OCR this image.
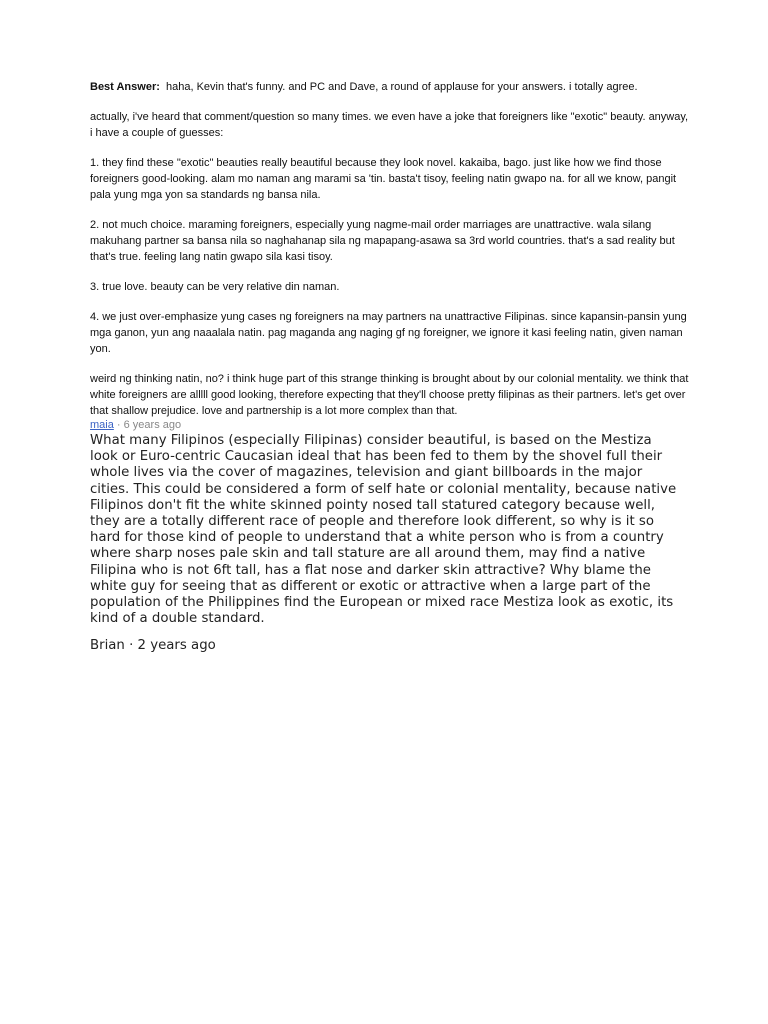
Best Answer: haha, Kevin that's funny. and PC and Dave, a round of applause for your answers. i totally agree.

actually, i've heard that comment/question so many times. we even have a joke that foreigners like "exotic" beauty. anyway, i have a couple of guesses:

1. they find these "exotic" beauties really beautiful because they look novel. kakaiba, bago. just like how we find those foreigners good-looking. alam mo naman ang marami sa 'tin. basta't tisoy, feeling natin gwapo na. for all we know, pangit pala yung mga yon sa standards ng bansa nila.

2. not much choice. maraming foreigners, especially yung nagme-mail order marriages are unattractive. wala silang makuhang partner sa bansa nila so naghahanap sila ng mapapang-asawa sa 3rd world countries. that's a sad reality but that's true. feeling lang natin gwapo sila kasi tisoy.

3. true love. beauty can be very relative din naman.

4. we just over-emphasize yung cases ng foreigners na may partners na unattractive Filipinas. since kapansin-pansin yung mga ganon, yun ang naaalala natin. pag maganda ang naging gf ng foreigner, we ignore it kasi feeling natin, given naman yon.

weird ng thinking natin, no? i think huge part of this strange thinking is brought about by our colonial mentality. we think that white foreigners are alllll good looking, therefore expecting that they'll choose pretty filipinas as their partners. let's get over that shallow prejudice. love and partnership is a lot more complex than that.

maia · 6 years ago

What many Filipinos (especially Filipinas) consider beautiful, is based on the Mestiza look or Euro-centric Caucasian ideal that has been fed to them by the shovel full their whole lives via the cover of magazines, television and giant billboards in the major cities. This could be considered a form of self hate or colonial mentality, because native Filipinos don't fit the white skinned pointy nosed tall statured category because well, they are a totally different race of people and therefore look different, so why is it so hard for those kind of people to understand that a white person who is from a country where sharp noses pale skin and tall stature are all around them, may find a native Filipina who is not 6ft tall, has a flat nose and darker skin attractive? Why blame the white guy for seeing that as different or exotic or attractive when a large part of the population of the Philippines find the European or mixed race Mestiza look as exotic, its kind of a double standard.

Brian · 2 years ago
